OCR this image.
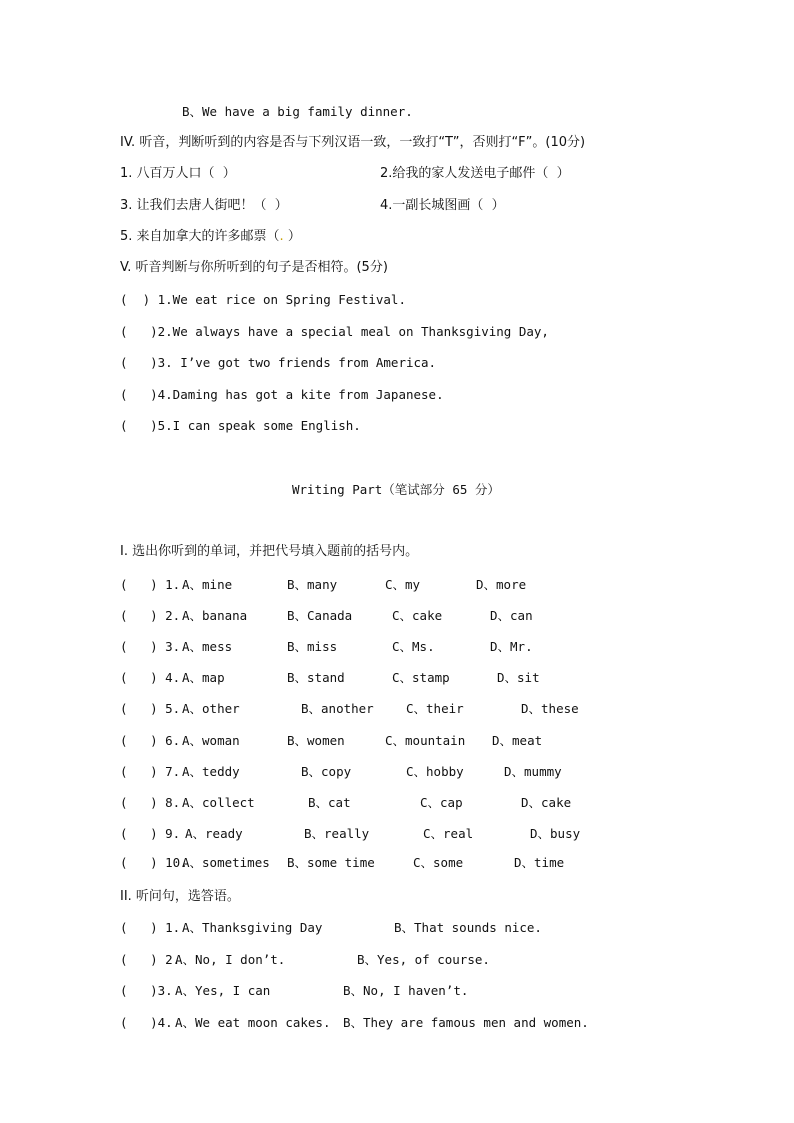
B、We have a big family dinner.
IV. 听音，判断听到的内容是否与下列汉语一致，一致打“T”，否则打“F”。(10分)
1. 八百万人口（  ）	2.给我的家人发送电子邮件（  ）
3. 让我们去唐人街吧！（  ）	4.一副长城图画（  ）
5. 来自加拿大的许多邮票（. ）
V. 听音判断与你所听到的句子是否相符。(5分)
(  ) 1.We eat rice on Spring Festival.
(   )2.We always have a special meal on Thanksgiving Day,
(   )3. I’ve got two friends from America.
(   )4.Daming has got a kite from Japanese.
(   )5.I can speak some English.
Writing Part（笔试部分 65 分）
I. 选出你听到的单词，并把代号填入题前的括号内。
(   ) 1. A、mine	B、many	C、my	D、more
(   ) 2. A、banana	B、Canada	C、cake	D、can
(   ) 3. A、mess	B、miss	C、Ms.	D、Mr.
(   ) 4. A、map	B、stand	C、stamp	D、sit
(   ) 5. A、other	B、another	C、their	D、these
(   ) 6. A、woman	B、women	C、mountain D、meat
(   ) 7. A、teddy	B、copy	C、hobby	D、mummy
(   ) 8. A、collect	B、cat	C、cap	D、cake
(   ) 9. A、ready	B、really	C、real	D、busy
(   ) 10.
A、sometimes B、some time	C、some	D、time
II. 听问句，选答语。
(   ) 1. A、Thanksgiving Day	B、That sounds nice.
(   ) 2.
A、No, I don’t.	B、Yes, of course.
(   )3. A、Yes, I can	B、No, I haven’t.
(   )4. A、We eat moon cakes. B、They are famous men and women.
